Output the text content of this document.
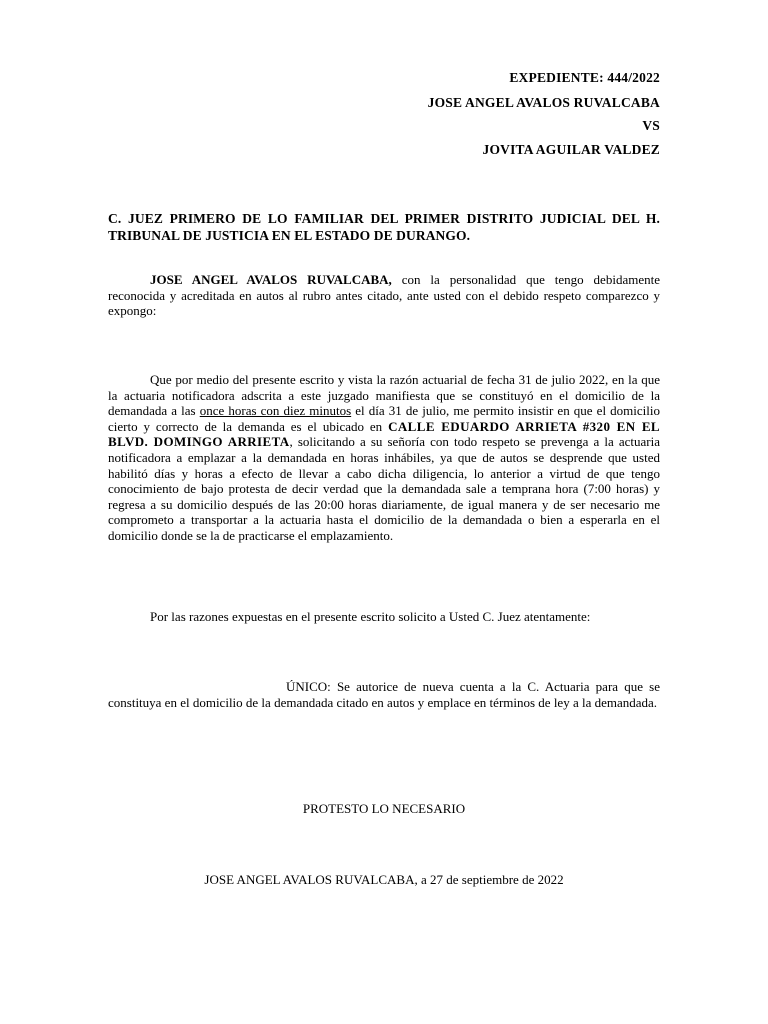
EXPEDIENTE: 444/2022
JOSE ANGEL AVALOS RUVALCABA
VS
JOVITA AGUILAR VALDEZ
C. JUEZ PRIMERO DE LO FAMILIAR DEL PRIMER DISTRITO JUDICIAL DEL H. TRIBUNAL DE JUSTICIA EN EL ESTADO DE DURANGO.
JOSE ANGEL AVALOS RUVALCABA, con la personalidad que tengo debidamente reconocida y acreditada en autos al rubro antes citado, ante usted con el debido respeto comparezco y expongo:
Que por medio del presente escrito y vista la razón actuarial de fecha 31 de julio 2022, en la que la actuaria notificadora adscrita a este juzgado manifiesta que se constituyó en el domicilio de la demandada a las once horas con diez minutos el día 31 de julio, me permito insistir en que el domicilio cierto y correcto de la demanda es el ubicado en CALLE EDUARDO ARRIETA #320 EN EL BLVD. DOMINGO ARRIETA, solicitando a su señoría con todo respeto se prevenga a la actuaria notificadora a emplazar a la demandada en horas inhábiles, ya que de autos se desprende que usted habilitó días y horas a efecto de llevar a cabo dicha diligencia, lo anterior a virtud de que tengo conocimiento de bajo protesta de decir verdad que la demandada sale a temprana hora (7:00 horas) y regresa a su domicilio después de las 20:00 horas diariamente, de igual manera y de ser necesario me comprometo a transportar a la actuaria hasta el domicilio de la demandada o bien a esperarla en el domicilio donde se la de practicarse el emplazamiento.
Por las razones expuestas en el presente escrito solicito a Usted C. Juez atentamente:
ÚNICO: Se autorice de nueva cuenta a la C. Actuaria para que se constituya en el domicilio de la demandada citado en autos y emplace en términos de ley a la demandada.
PROTESTO LO NECESARIO
JOSE ANGEL AVALOS RUVALCABA, a 27 de septiembre de 2022
